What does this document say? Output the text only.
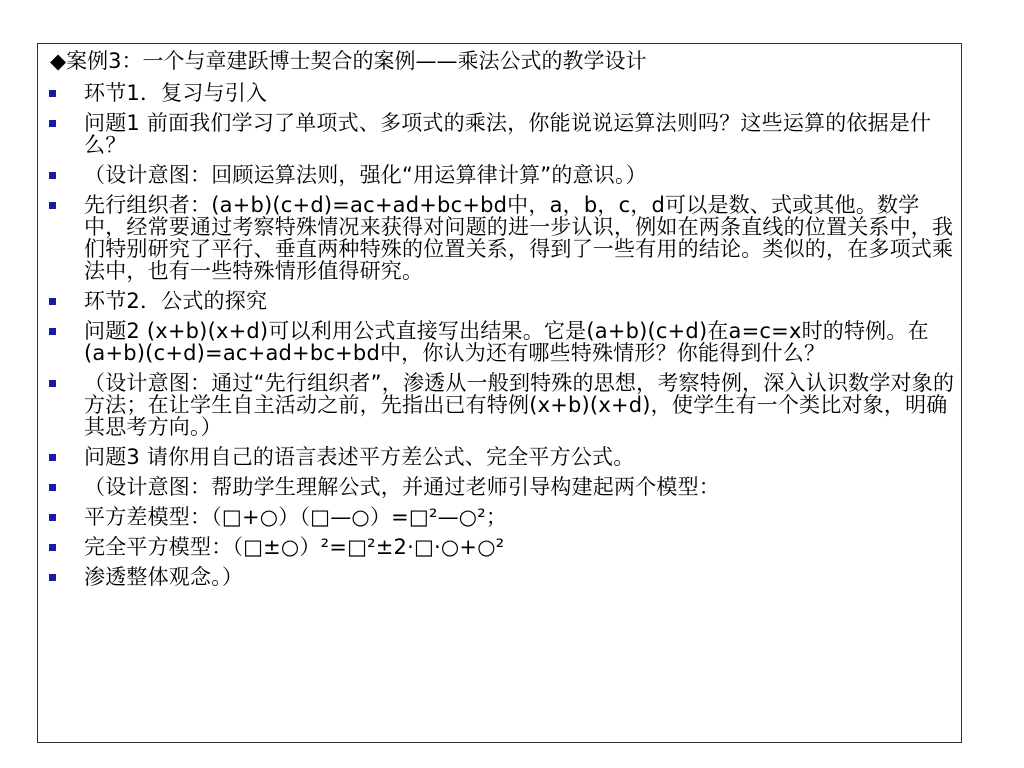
◆案例3：一个与章建跃博士契合的案例——乘法公式的教学设计
环节1．复习与引入
问题1 前面我们学习了单项式、多项式的乘法，你能说说运算法则吗？这些运算的依据是什么？
（设计意图：回顾运算法则，强化“用运算律计算”的意识。）
先行组织者：(a+b)(c+d)=ac+ad+bc+bd中，a，b，c，d可以是数、式或其他。数学中，经常要通过考察特殊情况来获得对问题的进一步认识，例如在两条直线的位置关系中，我们特别研究了平行、垂直两种特殊的位置关系，得到了一些有用的结论。类似的，在多项式乘法中，也有一些特殊情形值得研究。
环节2．公式的探究
问题2 (x+b)(x+d)可以利用公式直接写出结果。它是(a+b)(c+d)在a=c=x时的特例。在(a+b)(c+d)=ac+ad+bc+bd中，你认为还有哪些特殊情形？你能得到什么？
（设计意图：通过“先行组织者”，渗透从一般到特殊的思想，考察特例，深入认识数学对象的方法；在让学生自主活动之前，先指出已有特例(x+b)(x+d)，使学生有一个类比对象，明确其思考方向。）
问题3 请你用自己的语言表述平方差公式、完全平方公式。
（设计意图：帮助学生理解公式，并通过老师引导构建起两个模型：
平方差模型：（□+○）（□—○）=□²—○²；
完全平方模型：（□±○）²=□²±2·□·○+○²
渗透整体观念。）
